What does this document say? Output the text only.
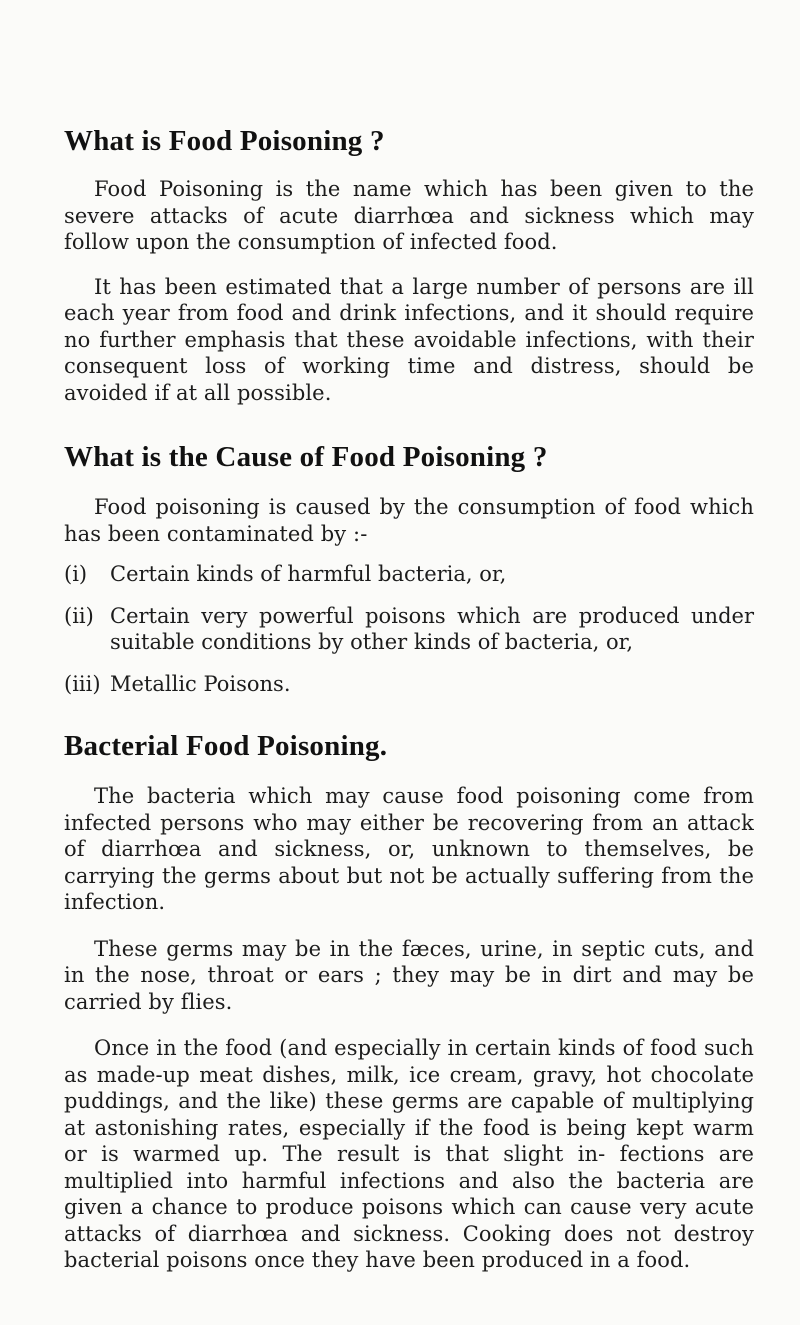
What is Food Poisoning ?

Food Poisoning is the name which has been given to the severe attacks of acute diarrhœa and sickness which may follow upon the consumption of infected food.

It has been estimated that a large number of persons are ill each year from food and drink infections, and it should require no further emphasis that these avoidable infections, with their consequent loss of working time and distress, should be avoided if at all possible.

What is the Cause of Food Poisoning ?

Food poisoning is caused by the consumption of food which has been contaminated by :-

(i)	Certain kinds of harmful bacteria, or,
(ii) Certain very powerful poisons which are produced under suitable conditions by other kinds of bacteria, or,
(iii) Metallic Poisons.
Bacterial Food Poisoning.

The bacteria which may cause food poisoning come from infected persons who may either be recovering from an attack of diarrhœa and sickness, or, unknown to themselves, be carrying the germs about but not be actually suffering from the infection.

These germs may be in the fæces, urine, in septic cuts, and in the nose, throat or ears ; they may be in dirt and may be carried by flies.

Once in the food (and especially in certain kinds of food such as made-up meat dishes, milk, ice cream, gravy, hot chocolate puddings, and the like) these germs are capable of multiplying at astonishing rates, especially if the food is being kept warm or is warmed up. The result is that slight in- fections are multiplied into harmful infections and also the bacteria are given a chance to produce poisons which can cause very acute attacks of diarrhœa and sickness. Cooking does not destroy bacterial poisons once they have been produced in a food.
